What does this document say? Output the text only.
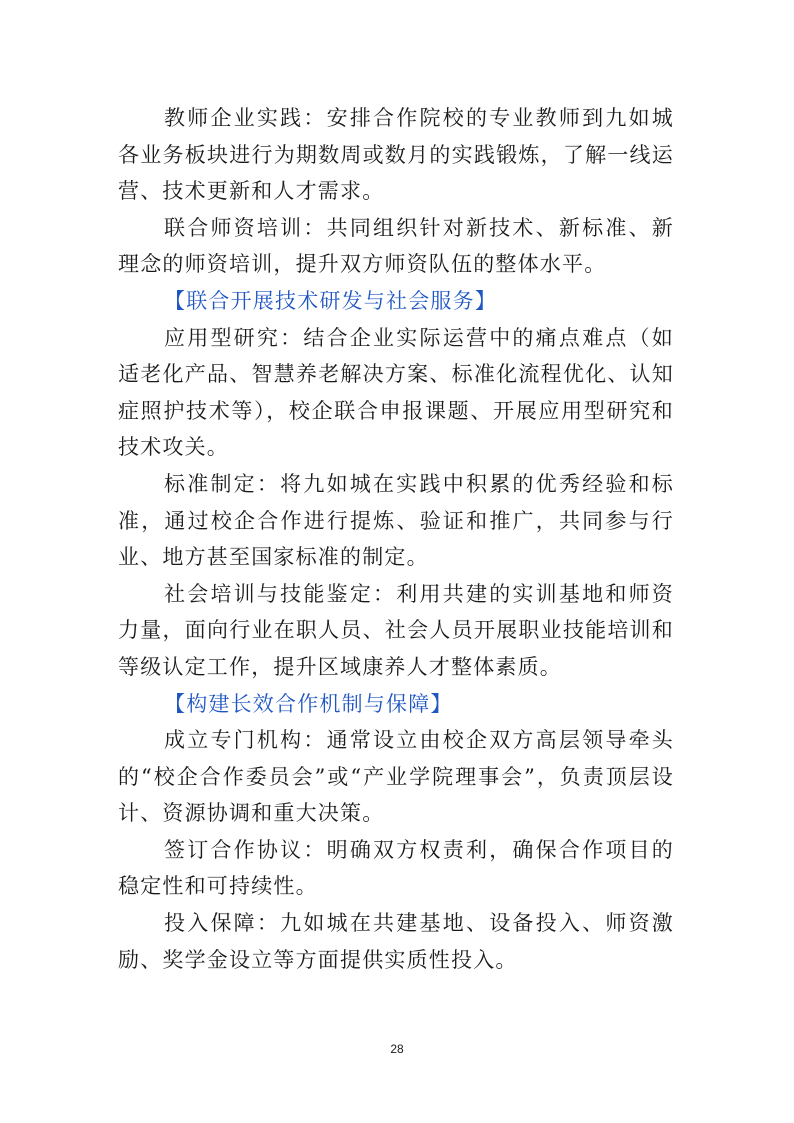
教师企业实践：安排合作院校的专业教师到九如城各业务板块进行为期数周或数月的实践锻炼，了解一线运营、技术更新和人才需求。

联合师资培训：共同组织针对新技术、新标准、新理念的师资培训，提升双方师资队伍的整体水平。

【联合开展技术研发与社会服务】

应用型研究：结合企业实际运营中的痛点难点（如适老化产品、智慧养老解决方案、标准化流程优化、认知症照护技术等），校企联合申报课题、开展应用型研究和技术攻关。

标准制定：将九如城在实践中积累的优秀经验和标准，通过校企合作进行提炼、验证和推广，共同参与行业、地方甚至国家标准的制定。

社会培训与技能鉴定：利用共建的实训基地和师资力量，面向行业在职人员、社会人员开展职业技能培训和等级认定工作，提升区域康养人才整体素质。

【构建长效合作机制与保障】

成立专门机构：通常设立由校企双方高层领导牵头的“校企合作委员会”或“产业学院理事会”，负责顶层设计、资源协调和重大决策。

签订合作协议：明确双方权责利，确保合作项目的稳定性和可持续性。

投入保障：九如城在共建基地、设备投入、师资激励、奖学金设立等方面提供实质性投入。

28
